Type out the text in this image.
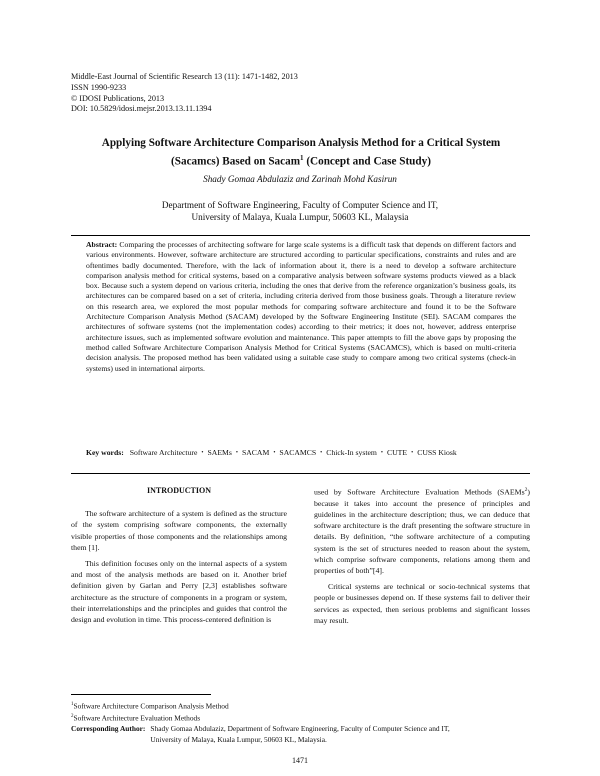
Middle-East Journal of Scientific Research 13 (11): 1471-1482, 2013
ISSN 1990-9233
© IDOSI Publications, 2013
DOI: 10.5829/idosi.mejsr.2013.13.11.1394
Applying Software Architecture Comparison Analysis Method for a Critical System (Sacamcs) Based on Sacam$^1$ (Concept and Case Study)
Shady Gomaa Abdulaziz and Zarinah Mohd Kasirun
Department of Software Engineering, Faculty of Computer Science and IT,
University of Malaya, Kuala Lumpur, 50603 KL, Malaysia
Abstract: Comparing the processes of architecting software for large scale systems is a difficult task that depends on different factors and various environments. However, software architecture are structured according to particular specifications, constraints and rules and are oftentimes badly documented. Therefore, with the lack of information about it, there is a need to develop a software architecture comparison analysis method for critical systems, based on a comparative analysis between software systems products viewed as a black box. Because such a system depend on various criteria, including the ones that derive from the reference organization’s business goals, its architectures can be compared based on a set of criteria, including criteria derived from those business goals. Through a literature review on this research area, we explored the most popular methods for comparing software architecture and found it to be the Software Architecture Comparison Analysis Method (SACAM) developed by the Software Engineering Institute (SEI). SACAM compares the architectures of software systems (not the implementation codes) according to their metrics; it does not, however, address enterprise architecture issues, such as implemented software evolution and maintenance. This paper attempts to fill the above gaps by proposing the method called Software Architecture Comparison Analysis Method for Critical Systems (SACAMCS), which is based on multi-criteria decision analysis. The proposed method has been validated using a suitable case study to compare among two critical systems (check-in systems) used in international airports.
Key words: Software Architecture • SAEMs • SACAM • SACAMCS • Chick-In system • CUTE • CUSS Kiosk
INTRODUCTION

The software architecture of a system is defined as the structure of the system comprising software components, the externally visible properties of those components and the relationships among them [1].

This definition focuses only on the internal aspects of a system and most of the analysis methods are based on it. Another brief definition given by Garlan and Perry [2,3] establishes software architecture as the structure of components in a program or system, their interrelationships and the principles and guides that control the design and evolution in time. This process-centered definition is

used by Software Architecture Evaluation Methods (SAEMs$^2$) because it takes into account the presence of principles and guidelines in the architecture description; thus, we can deduce that software architecture is the draft presenting the software structure in details. By definition, “the software architecture of a computing system is the set of structures needed to reason about the system, which comprise software components, relations among them and properties of both”[4].

Critical systems are technical or socio-technical systems that people or businesses depend on. If these systems fail to deliver their services as expected, then serious problems and significant losses may result.

$^1$Software Architecture Comparison Analysis Method
$^2$Software Architecture Evaluation Methods
Corresponding Author: Shady Gomaa Abdulaziz, Department of Software Engineering, Faculty of Computer Science and IT,
University of Malaya, Kuala Lumpur, 50603 KL, Malaysia.
1471
